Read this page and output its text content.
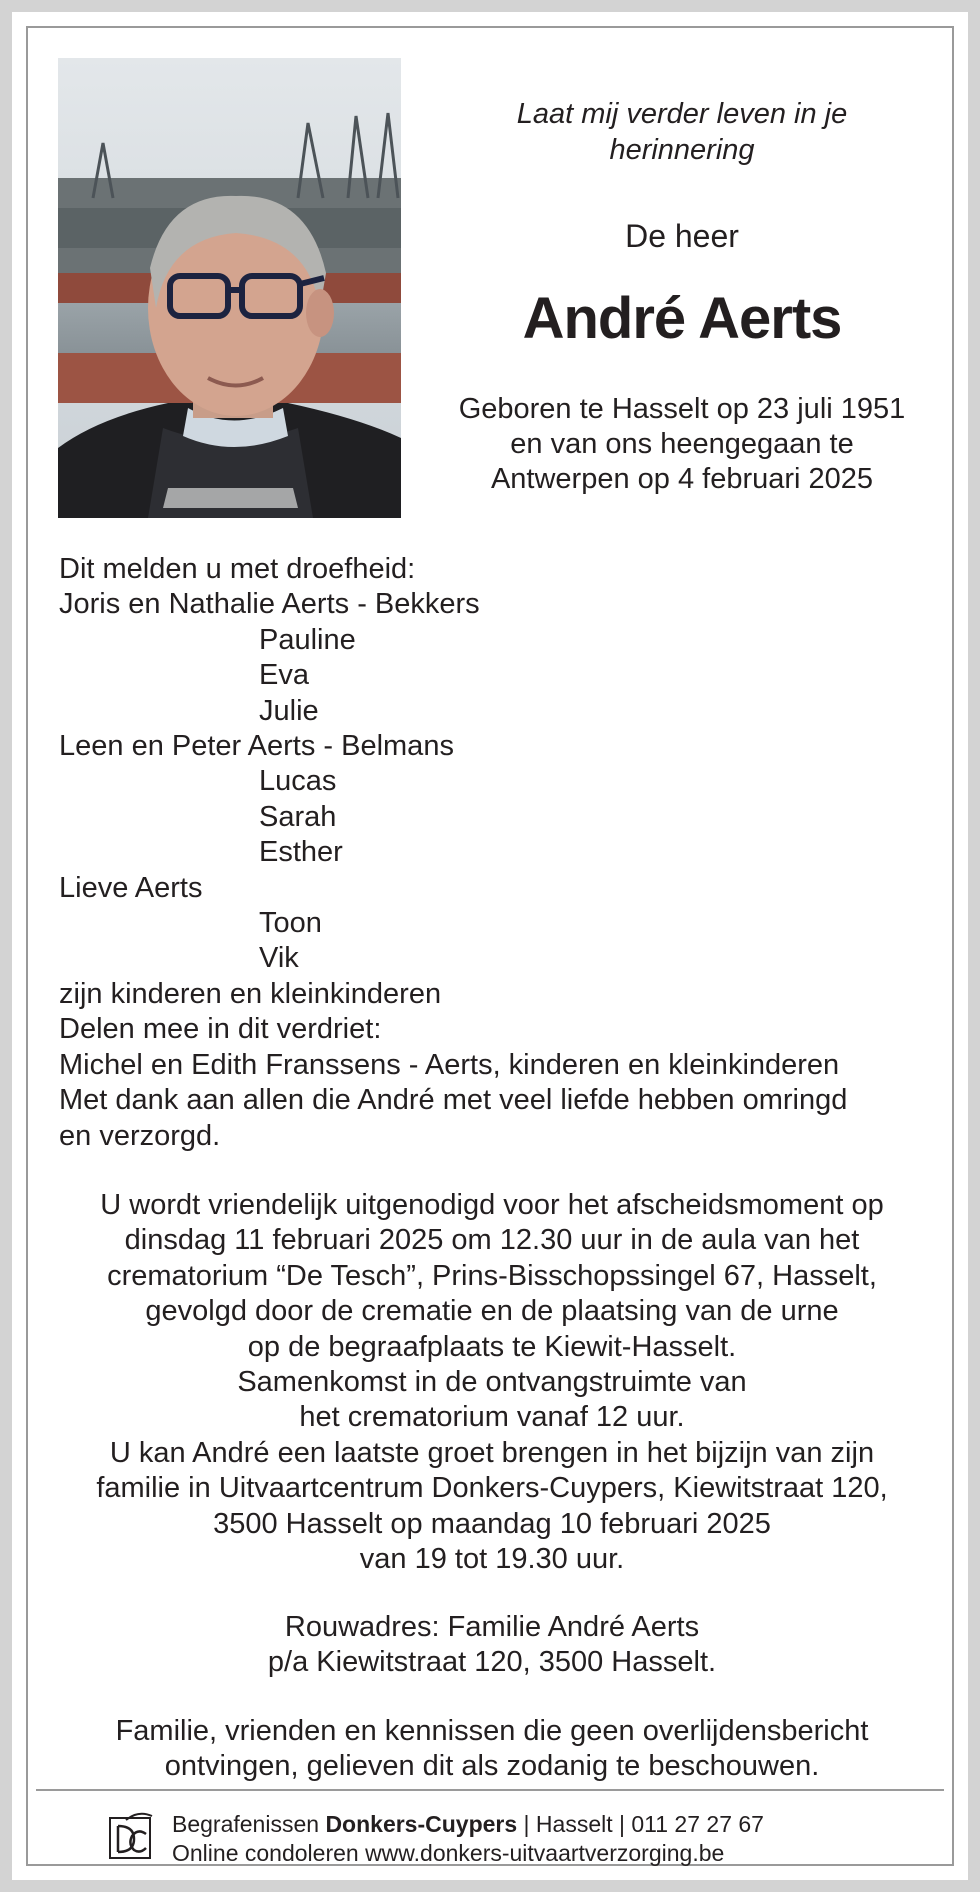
Laat mij verder leven in je
herinnering
De heer
André Aerts
Geboren te Hasselt op 23 juli 1951
en van ons heengegaan te
Antwerpen op 4 februari 2025
Dit melden u met droefheid:
Joris en Nathalie Aerts - Bekkers
Pauline
Eva
Julie
Leen en Peter Aerts - Belmans
Lucas
Sarah
Esther
Lieve Aerts
Toon
Vik
zijn kinderen en kleinkinderen
Delen mee in dit verdriet:
Michel en Edith Franssens - Aerts, kinderen en kleinkinderen
Met dank aan allen die André met veel liefde hebben omringd
en verzorgd.
U wordt vriendelijk uitgenodigd voor het afscheidsmoment op
dinsdag 11 februari 2025 om 12.30 uur in de aula van het
crematorium “De Tesch”, Prins-Bisschopssingel 67, Hasselt,
gevolgd door de crematie en de plaatsing van de urne
op de begraafplaats te Kiewit-Hasselt.
Samenkomst in de ontvangstruimte van
het crematorium vanaf 12 uur.
U kan André een laatste groet brengen in het bijzijn van zijn
familie in Uitvaartcentrum Donkers-Cuypers, Kiewitstraat 120,
3500 Hasselt op maandag 10 februari 2025
van 19 tot 19.30 uur.
Rouwadres: Familie André Aerts
p/a Kiewitstraat 120, 3500 Hasselt.
Familie, vrienden en kennissen die geen overlijdensbericht
ontvingen, gelieven dit als zodanig te beschouwen.
Begrafenissen Donkers-Cuypers | Hasselt | 011 27 27 67
Online condoleren www.donkers-uitvaartverzorging.be
